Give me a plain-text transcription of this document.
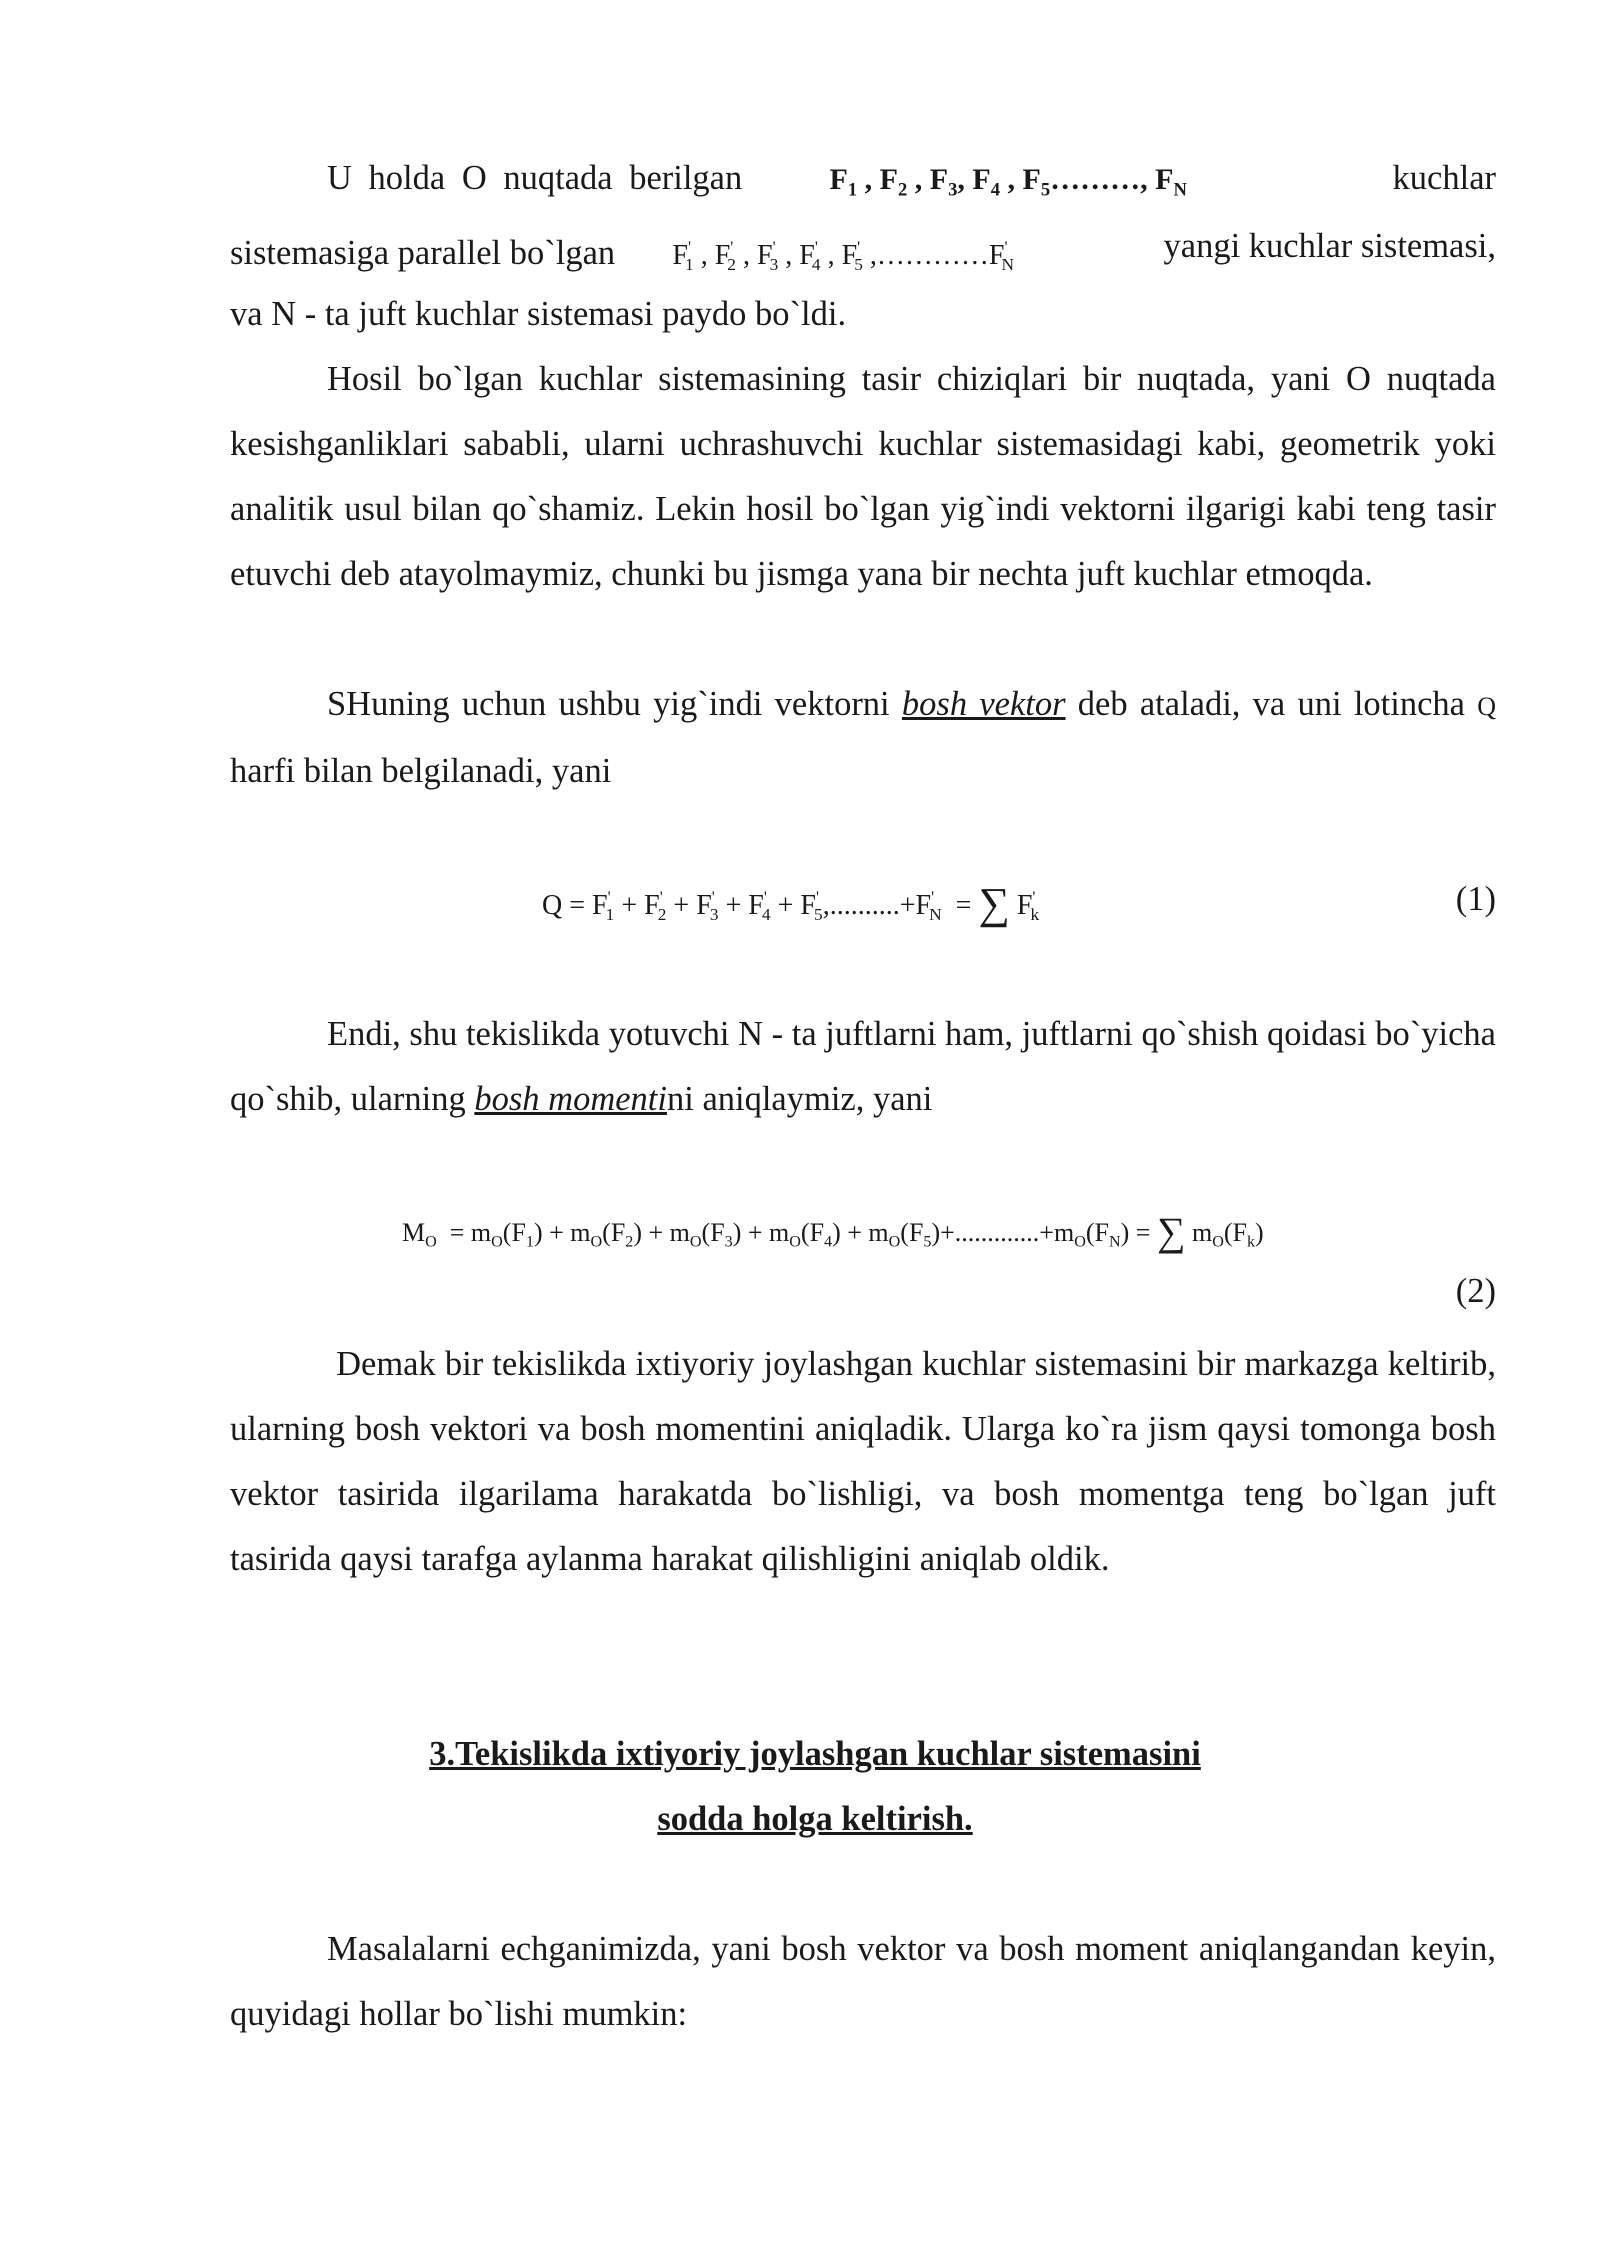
U holda O nuqtada berilgan	$F_1$ , $F_2$ , $F_3$, $F_4$ , $F_5\dots\dots\dots$, $F_N$	kuchlar
sistemasiga parallel bo`lgan $F'_1$ , $F'_2$ , $F'_3$ , $F'_4$ , $F'_5$ $,\dots\dots\dots\dots F'_N$	yangi kuchlar sistemasi,
va N - ta juft kuchlar sistemasi paydo bo`ldi.
Hosil bo`lgan kuchlar sistemasining tasir chiziqlari bir nuqtada, yani O nuqtada kesishganliklari sababli, ularni uchrashuvchi kuchlar sistemasidagi kabi, geometrik yoki analitik usul bilan qo`shamiz. Lekin hosil bo`lgan yig`indi vektorni ilgarigi kabi teng tasir etuvchi deb atayolmaymiz, chunki bu jismga yana bir nechta juft kuchlar etmoqda.
SHuning uchun ushbu yig`indi vektorni bosh vektor deb ataladi, va uni lotincha Q harfi bilan belgilanadi, yani
$Q = F'_1 + F'_2 + F'_3 + F'_4 + F'_5,..........+F'_N$  = ∑ $F'_k$	(1)
Endi, shu tekislikda yotuvchi N - ta juftlarni ham, juftlarni qo`shish qoidasi bo`yicha qo`shib, ularning bosh momentini aniqlaymiz, yani
$M_O = m_O(F_1) + m_O(F_2) + m_O(F_3) + m_O(F_4) + m_O(F_5)+.............+m_O(F_N)$ = ∑ $m_O(F_k)$
(2)
Demak bir tekislikda ixtiyoriy joylashgan kuchlar sistemasini bir markazga keltirib, ularning bosh vektori va bosh momentini aniqladik. Ularga ko`ra jism qaysi tomonga bosh vektor tasirida ilgarilama harakatda bo`lishligi, va bosh momentga teng bo`lgan juft tasirida qaysi tarafga aylanma harakat qilishligini aniqlab oldik.
3.Tekislikda ixtiyoriy joylashgan kuchlar sistemasini
sodda holga keltirish.
Masalalarni echganimizda, yani bosh vektor va bosh moment aniqlangandan keyin, quyidagi hollar bo`lishi mumkin:
